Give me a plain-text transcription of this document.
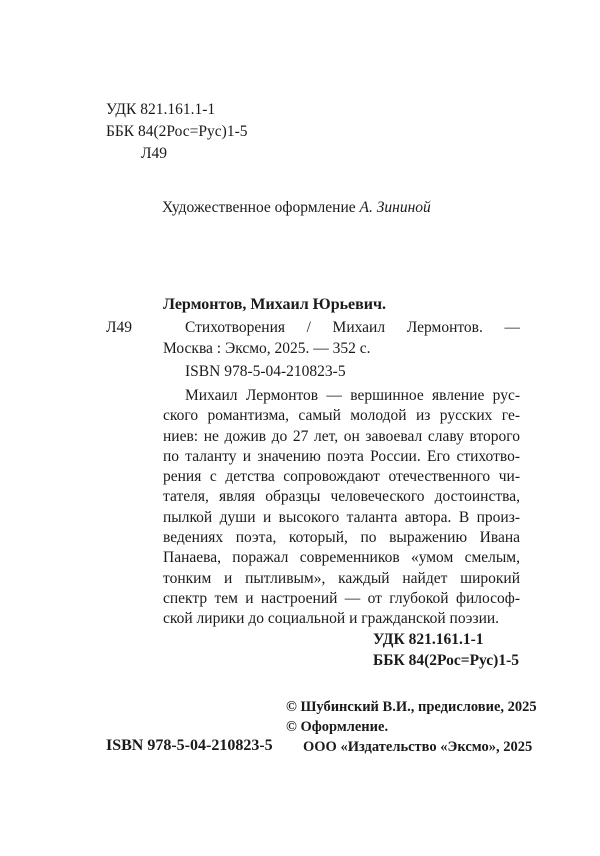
УДК 821.161.1-1
ББК 84(2Рос=Рус)1-5
Л49
Художественное оформление А. Зининой
Лермонтов, Михаил Юрьевич.
Л49	Стихотворения / Михаил Лермонтов. —
Москва : Эксмо, 2025. — 352 с.
ISBN 978-5-04-210823-5
Михаил Лермонтов — вершинное явление рус-
ского романтизма, самый молодой из русских ге-
ниев: не дожив до 27 лет, он завоевал славу второго
по таланту и значению поэта России. Его стихотво-
рения с детства сопровождают отечественного чи-
тателя, являя образцы человеческого достоинства,
пылкой души и высокого таланта автора. В произ-
ведениях поэта, который, по выражению Ивана
Панаева, поражал современников «умом смелым,
тонким и пытливым», каждый найдет широкий
спектр тем и настроений — от глубокой философ-
ской лирики до социальной и гражданской поэзии.
УДК 821.161.1-1
ББК 84(2Рос=Рус)1-5
© Шубинский В.И., предисловие, 2025
© Оформление.
ООО «Издательство «Эксмо», 2025
ISBN 978-5-04-210823-5
